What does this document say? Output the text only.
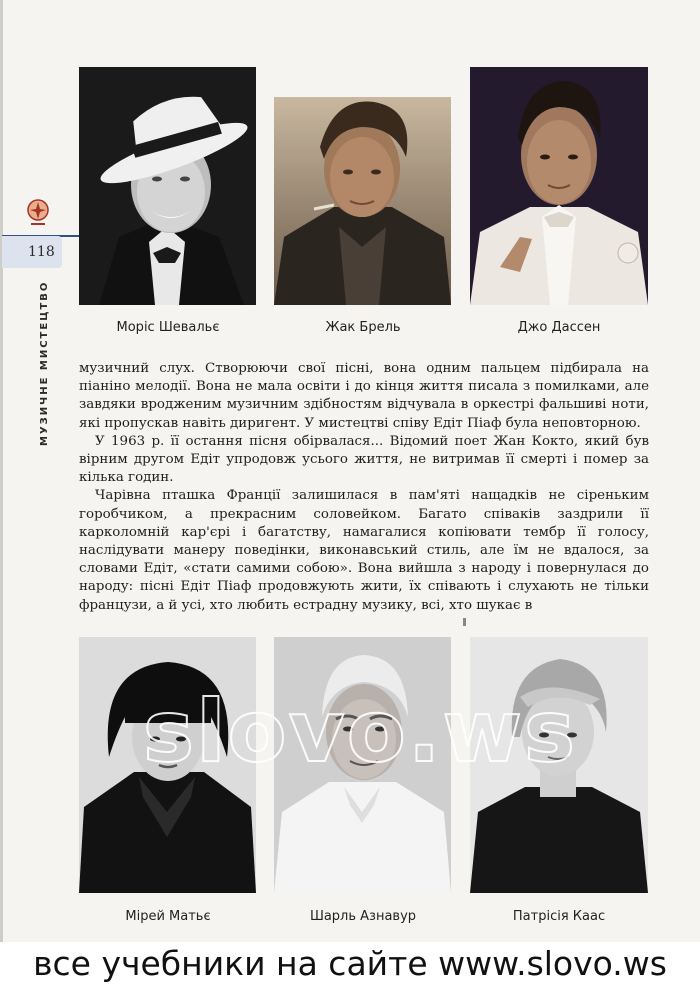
118
МУЗИЧНЕ МИСТЕЦТВО	Моріс Шевальє	Жак Брель	Джо Дассен

музичний слух. Створюючи свої пісні, вона одним пальцем підбирала на піаніно мелодії. Вона не мала освіти і до кінця життя писала з помилками, але завдяки вродженим музичним здібностям відчувала в оркестрі фальшиві ноти, які пропускав навіть диригент. У мистецтві співу Едіт Піаф була неповторною.

У 1963 р. її остання пісня обірвалася... Відомий поет Жан Кокто, який був вірним другом Едіт упродовж усього життя, не витримав її смерті і помер за кілька годин.

Чарівна пташка Франції залишилася в пам'яті нащадків не сіреньким горобчиком, а прекрасним соловейком. Багато співаків заздрили її карколомній кар'єрі і багатству, намагалися копіювати тембр її голосу, наслідувати манеру поведінки, виконавський стиль, але їм не вдалося, за словами Едіт, «стати самими собою». Вона вийшла з народу і повернулася до народу: пісні Едіт Піаф продовжують жити, їх співають і слухають не тільки французи, а й усі, хто любить естрадну музику, всі, хто шукає в

Мірей Матьє	Шарль Азнавур	Патрісія Каас
slovo.ws
все учебники на сайте www.slovo.ws
